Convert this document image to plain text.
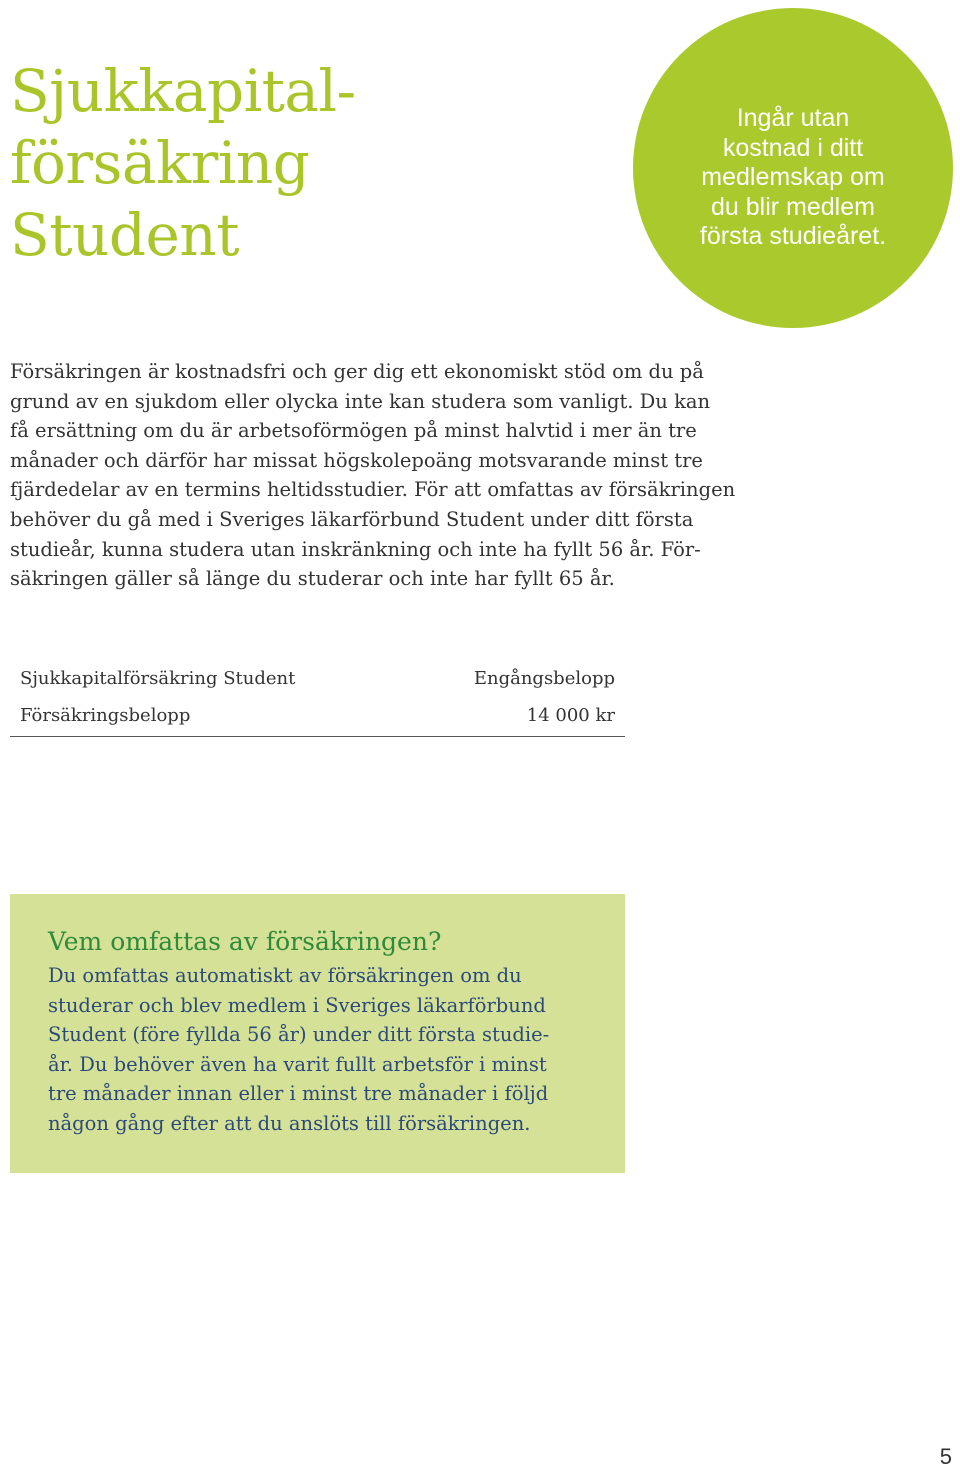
Sjukkapital-
försäkring
Student
Ingår utan
kostnad i ditt
medlemskap om
du blir medlem
första studieåret.
Försäkringen är kostnadsfri och ger dig ett ekonomiskt stöd om du på
grund av en sjukdom eller olycka inte kan studera som vanligt. Du kan
få ersättning om du är arbetsoförmögen på minst halvtid i mer än tre
månader och därför har missat högskolepoäng motsvarande minst tre
fjärdedelar av en termins heltidsstudier. För att omfattas av försäkringen
behöver du gå med i Sveriges läkarförbund Student under ditt första
studieår, kunna studera utan inskränkning och inte ha fyllt 56 år. För-
säkringen gäller så länge du studerar och inte har fyllt 65 år.
Sjukkapitalförsäkring Student	Engångsbelopp
Försäkringsbelopp	14 000 kr
Vem omfattas av försäkringen?
Du omfattas automatiskt av försäkringen om du
studerar och blev medlem i Sveriges läkarförbund
Student (före fyllda 56 år) under ditt första studie-
år. Du behöver även ha varit fullt arbetsför i minst
tre månader innan eller i minst tre månader i följd
någon gång efter att du anslöts till försäkringen.
5
